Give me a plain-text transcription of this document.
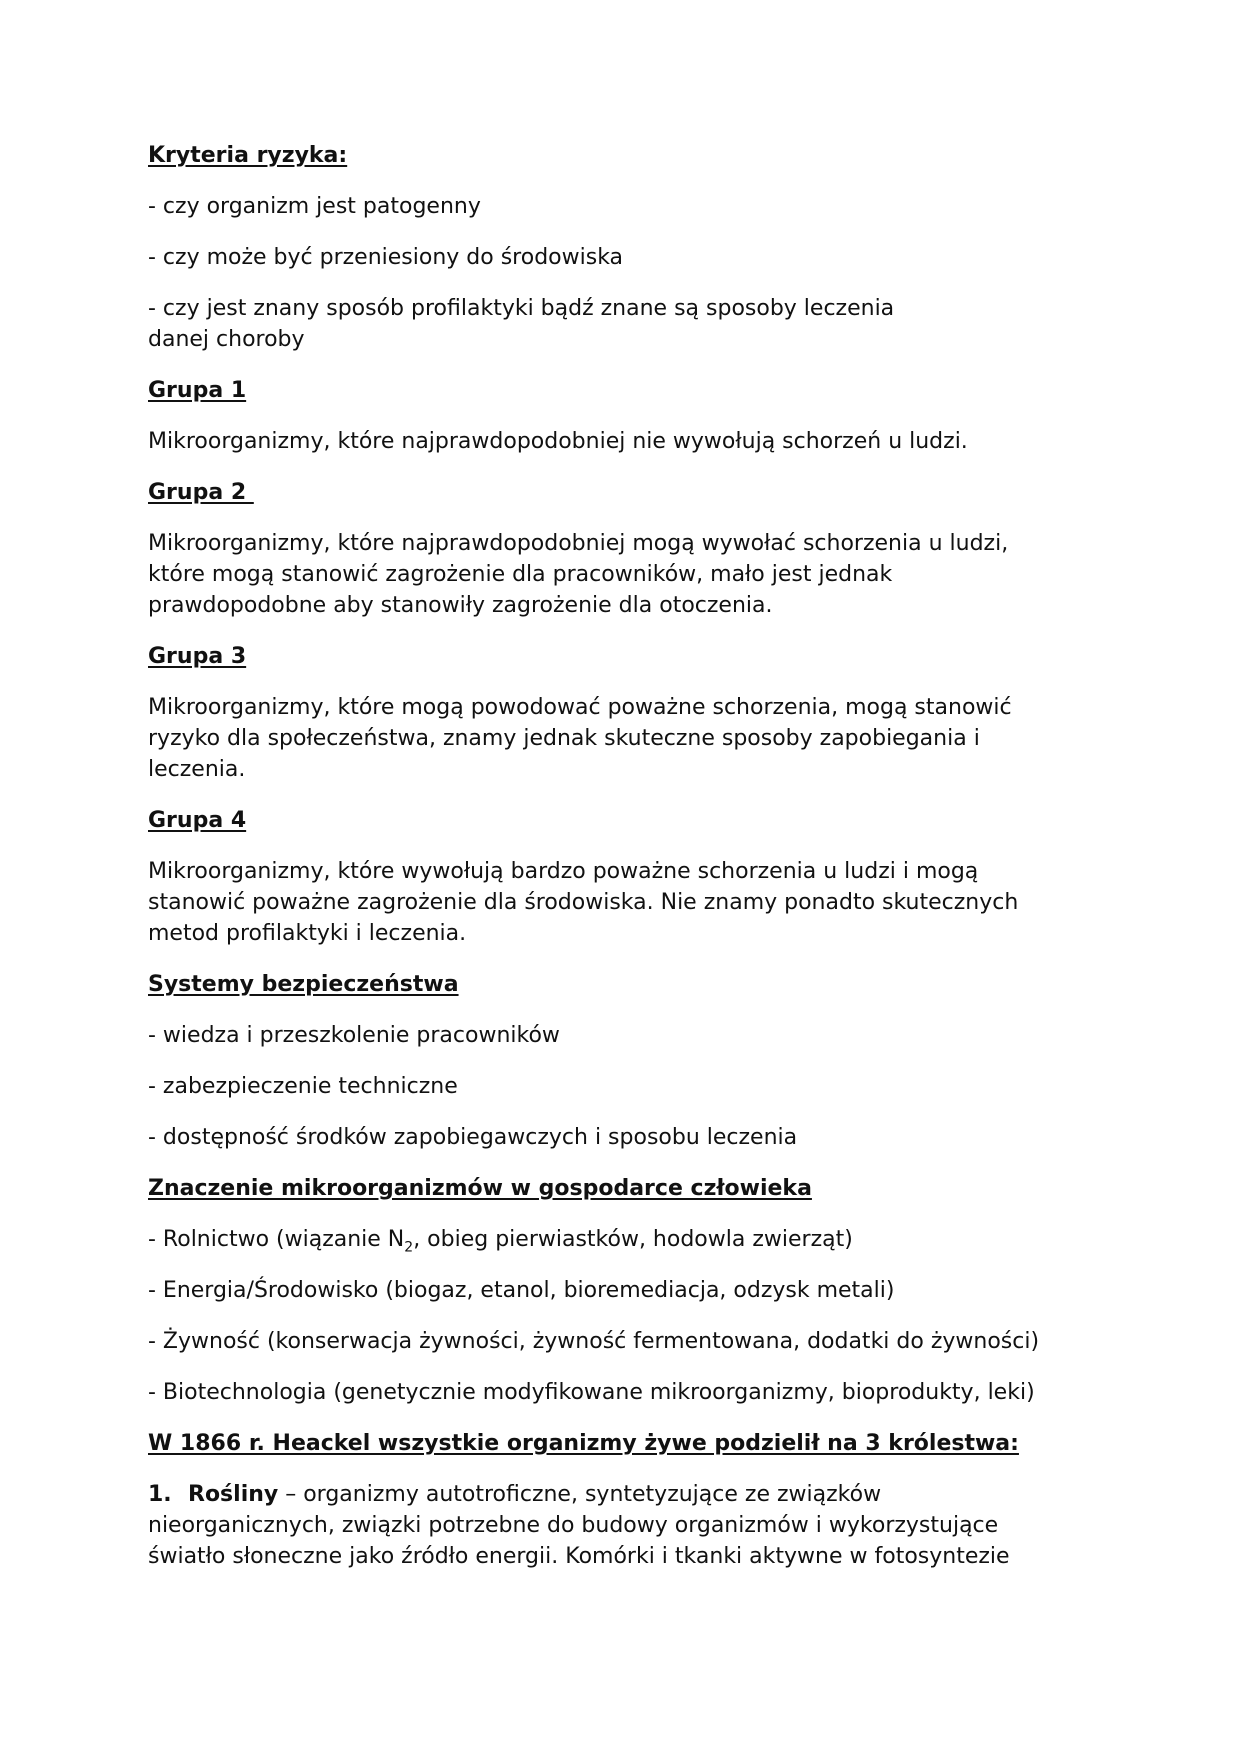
Kryteria ryzyka:
- czy organizm jest patogenny
- czy może być przeniesiony do środowiska
- czy jest znany sposób profilaktyki bądź znane są sposoby leczenia danej choroby
Grupa 1
Mikroorganizmy, które najprawdopodobniej nie wywołują schorzeń u ludzi.
Grupa 2
Mikroorganizmy, które najprawdopodobniej mogą wywołać schorzenia u ludzi, które mogą stanowić zagrożenie dla pracowników, mało jest jednak prawdopodobne aby stanowiły zagrożenie dla otoczenia.
Grupa 3
Mikroorganizmy, które mogą powodować poważne schorzenia, mogą stanowić ryzyko dla społeczeństwa, znamy jednak skuteczne sposoby zapobiegania i leczenia.
Grupa 4
Mikroorganizmy, które wywołują bardzo poważne schorzenia u ludzi i mogą stanowić poważne zagrożenie dla środowiska. Nie znamy ponadto skutecznych metod profilaktyki i leczenia.
Systemy bezpieczeństwa
- wiedza i przeszkolenie pracowników
- zabezpieczenie techniczne
- dostępność środków zapobiegawczych i sposobu leczenia
Znaczenie mikroorganizmów w gospodarce człowieka
- Rolnictwo (wiązanie $N_2$, obieg pierwiastków, hodowla zwierząt)
- Energia/Środowisko (biogaz, etanol, bioremediacja, odzysk metali)
- Żywność (konserwacja żywności, żywność fermentowana, dodatki do żywności)
- Biotechnologia (genetycznie modyfikowane mikroorganizmy, bioprodukty, leki)
W 1866 r. Heackel wszystkie organizmy żywe podzielił na 3 królestwa:
1. Rośliny – organizmy autotroficzne, syntetyzujące ze związków nieorganicznych, związki potrzebne do budowy organizmów i wykorzystujące światło słoneczne jako źródło energii. Komórki i tkanki aktywne w fotosyntezie
